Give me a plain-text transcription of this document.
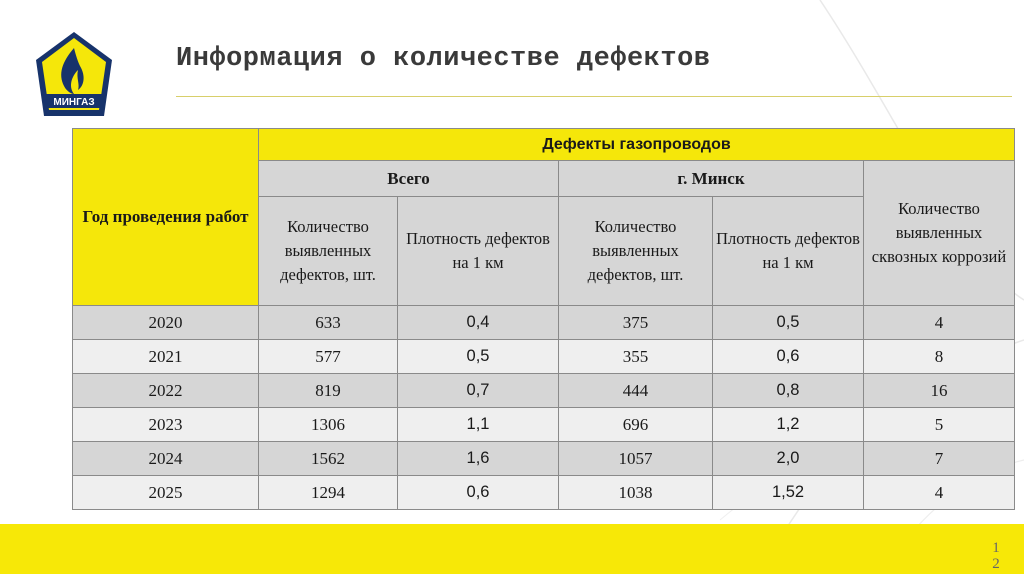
МИНГАЗ
Информация о количестве дефектов
Год проведения работ	Дефекты газопроводов				
	Всего		г. Минск		Количество выявленных сквозных коррозий
	Количество выявленных дефектов, шт.	Плотность дефектов на 1 км	Количество выявленных дефектов, шт.	Плотность дефектов на 1 км	
2020	633	0,4	375	0,5	4
2021	577	0,5	355	0,6	8
2022	819	0,7	444	0,8	16
2023	1306	1,1	696	1,2	5
2024	1562	1,6	1057	2,0	7
2025	1294	0,6	1038	1,52	4
12
